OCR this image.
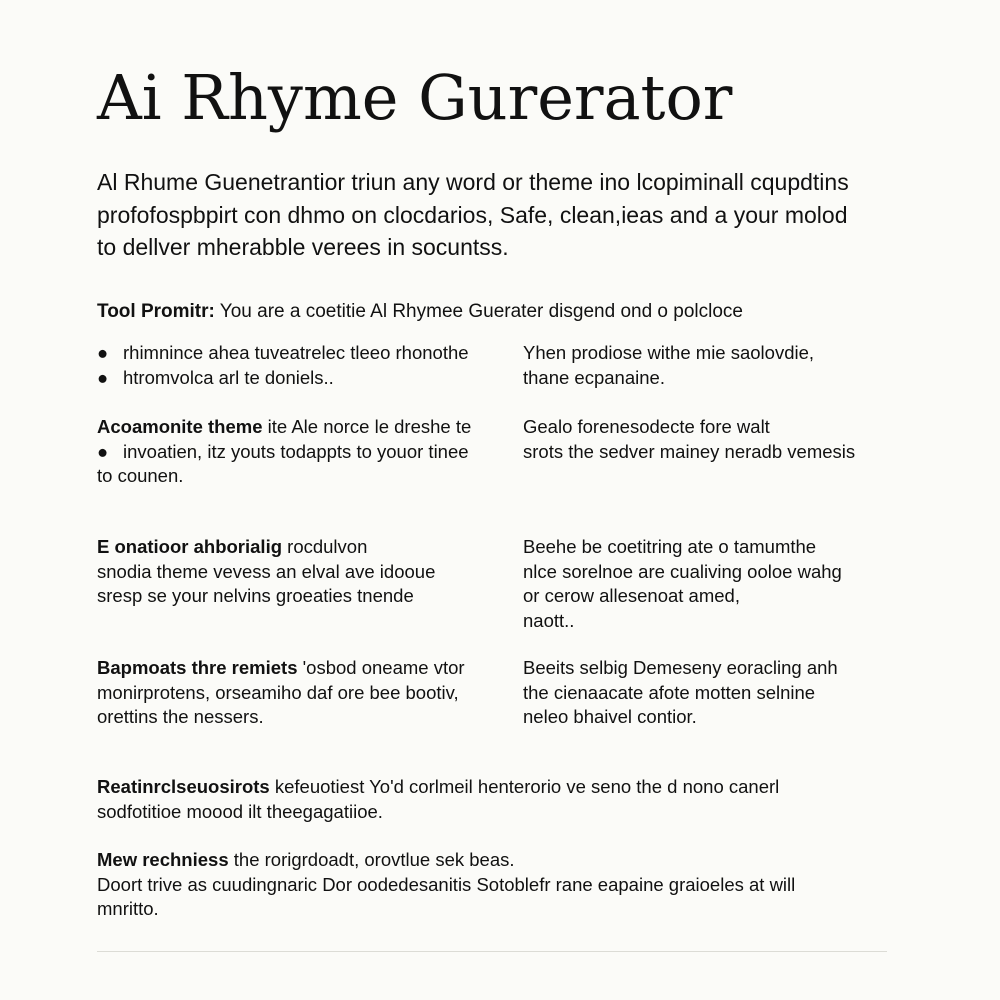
Ai Rhyme Gurerator
Al Rhume Guenetrantior triun any word or theme ino lcopiminall cqupdtins
profofospbpirt con dhmo on clocdarios, Safe, clean,ieas and a your molod
to dellver mherabble verees in socuntss.
Tool Promitr: You are a coetitie Al Rhymee Guerater disgend ond o polcloce
● rhimnince ahea tuveatrelec tleeo rhonothe
● htromvolca arl te doniels..
Yhen prodiose withe mie saolovdie,
thane ecpanaine.
Acoamonite theme ite Ale norce le dreshe te
● invoatien, itz youts todappts to youor tinee
to counen.
Gealo forenesodecte fore walt
srots the sedver mainey neradb vemesis
E onatioor ahborialig rocdulvon
snodia theme vevess an elval ave idooue
sresp se your nelvins groeaties tnende
Beehe be coetitring ate o tamumthe
nlce sorelnoe are cualiving ooloe wahg
or cerow allesenoat amed,
naott..
Bapmoats thre remiets 'osbod oneame vtor
monirprotens, orseamiho daf ore bee bootiv,
orettins the nessers.
Beeits selbig Demeseny eoracling anh
the cienaacate afote motten selnine
neleo bhaivel contior.
Reatinrclseuosirots kefeuotiest Yo'd corlmeil henterorio ve seno the d nono canerl
sodfotitioe moood ilt theegagatiioe.
Mew rechniess the rorigrdoadt, orovtlue sek beas.
Doort trive as cuudingnaric Dor oodedesanitis Sotoblefr rane eapaine graioeles at will
mnritto.
